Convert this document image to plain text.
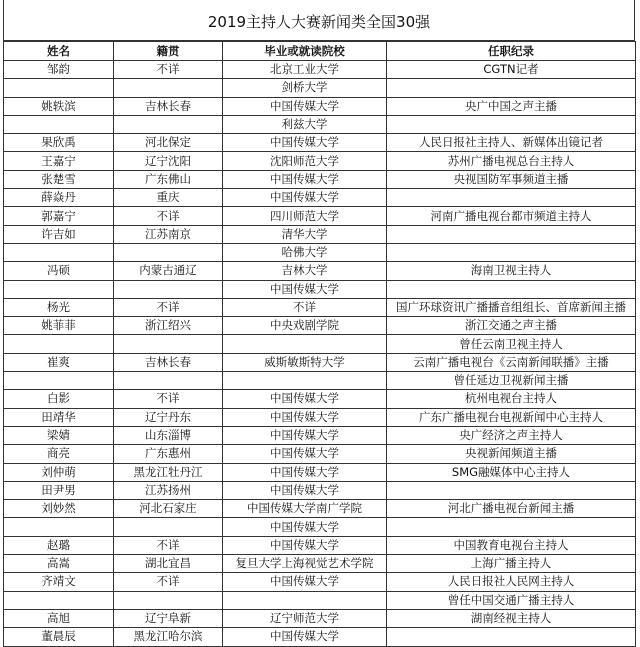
2019主持人大赛新闻类全国30强
姓名	籍贯	毕业或就读院校	任职纪录
邹韵	不详	北京工业大学	CGTN记者
		剑桥大学	
姚轶滨	吉林长春	中国传媒大学	央广中国之声主播
		利兹大学	
果欣禹	河北保定	中国传媒大学	人民日报社主持人、新媒体出镜记者
王嘉宁	辽宁沈阳	沈阳师范大学	苏州广播电视总台主持人
张楚雪	广东佛山	中国传媒大学	央视国防军事频道主播
薛焱丹	重庆	中国传媒大学	
郭嘉宁	不详	四川师范大学	河南广播电视台都市频道主持人
许吉如	江苏南京	清华大学	
		哈佛大学	
冯硕	内蒙古通辽	吉林大学	海南卫视主持人
		中国传媒大学	
杨光	不详	不详	国广环球资讯广播播音组组长、首席新闻主播
姚菲菲	浙江绍兴	中央戏剧学院	浙江交通之声主播
			曾任云南卫视主持人
崔爽	吉林长春	威斯敏斯特大学	云南广播电视台《云南新闻联播》主播
			曾任延边卫视新闻主播
白影	不详	中国传媒大学	杭州电视台主持人
田靖华	辽宁丹东	中国传媒大学	广东广播电视台电视新闻中心主持人
梁婧	山东淄博	中国传媒大学	央广经济之声主持人
商亮	广东惠州	中国传媒大学	央视新闻频道主播
刘仲萌	黑龙江牡丹江	中国传媒大学	SMG融媒体中心主持人
田尹男	江苏扬州	中国传媒大学	
刘妙然	河北石家庄	中国传媒大学南广学院	河北广播电视台新闻主播
		中国传媒大学	
赵璐	不详	中国传媒大学	中国教育电视台主持人
高嵩	湖北宜昌	复旦大学上海视觉艺术学院	上海广播主持人
齐靖文	不详	中国传媒大学	人民日报社人民网主持人
			曾任中国交通广播主持人
高旭	辽宁阜新	辽宁师范大学	湖南经视主持人
董晨辰	黑龙江哈尔滨	中国传媒大学	
